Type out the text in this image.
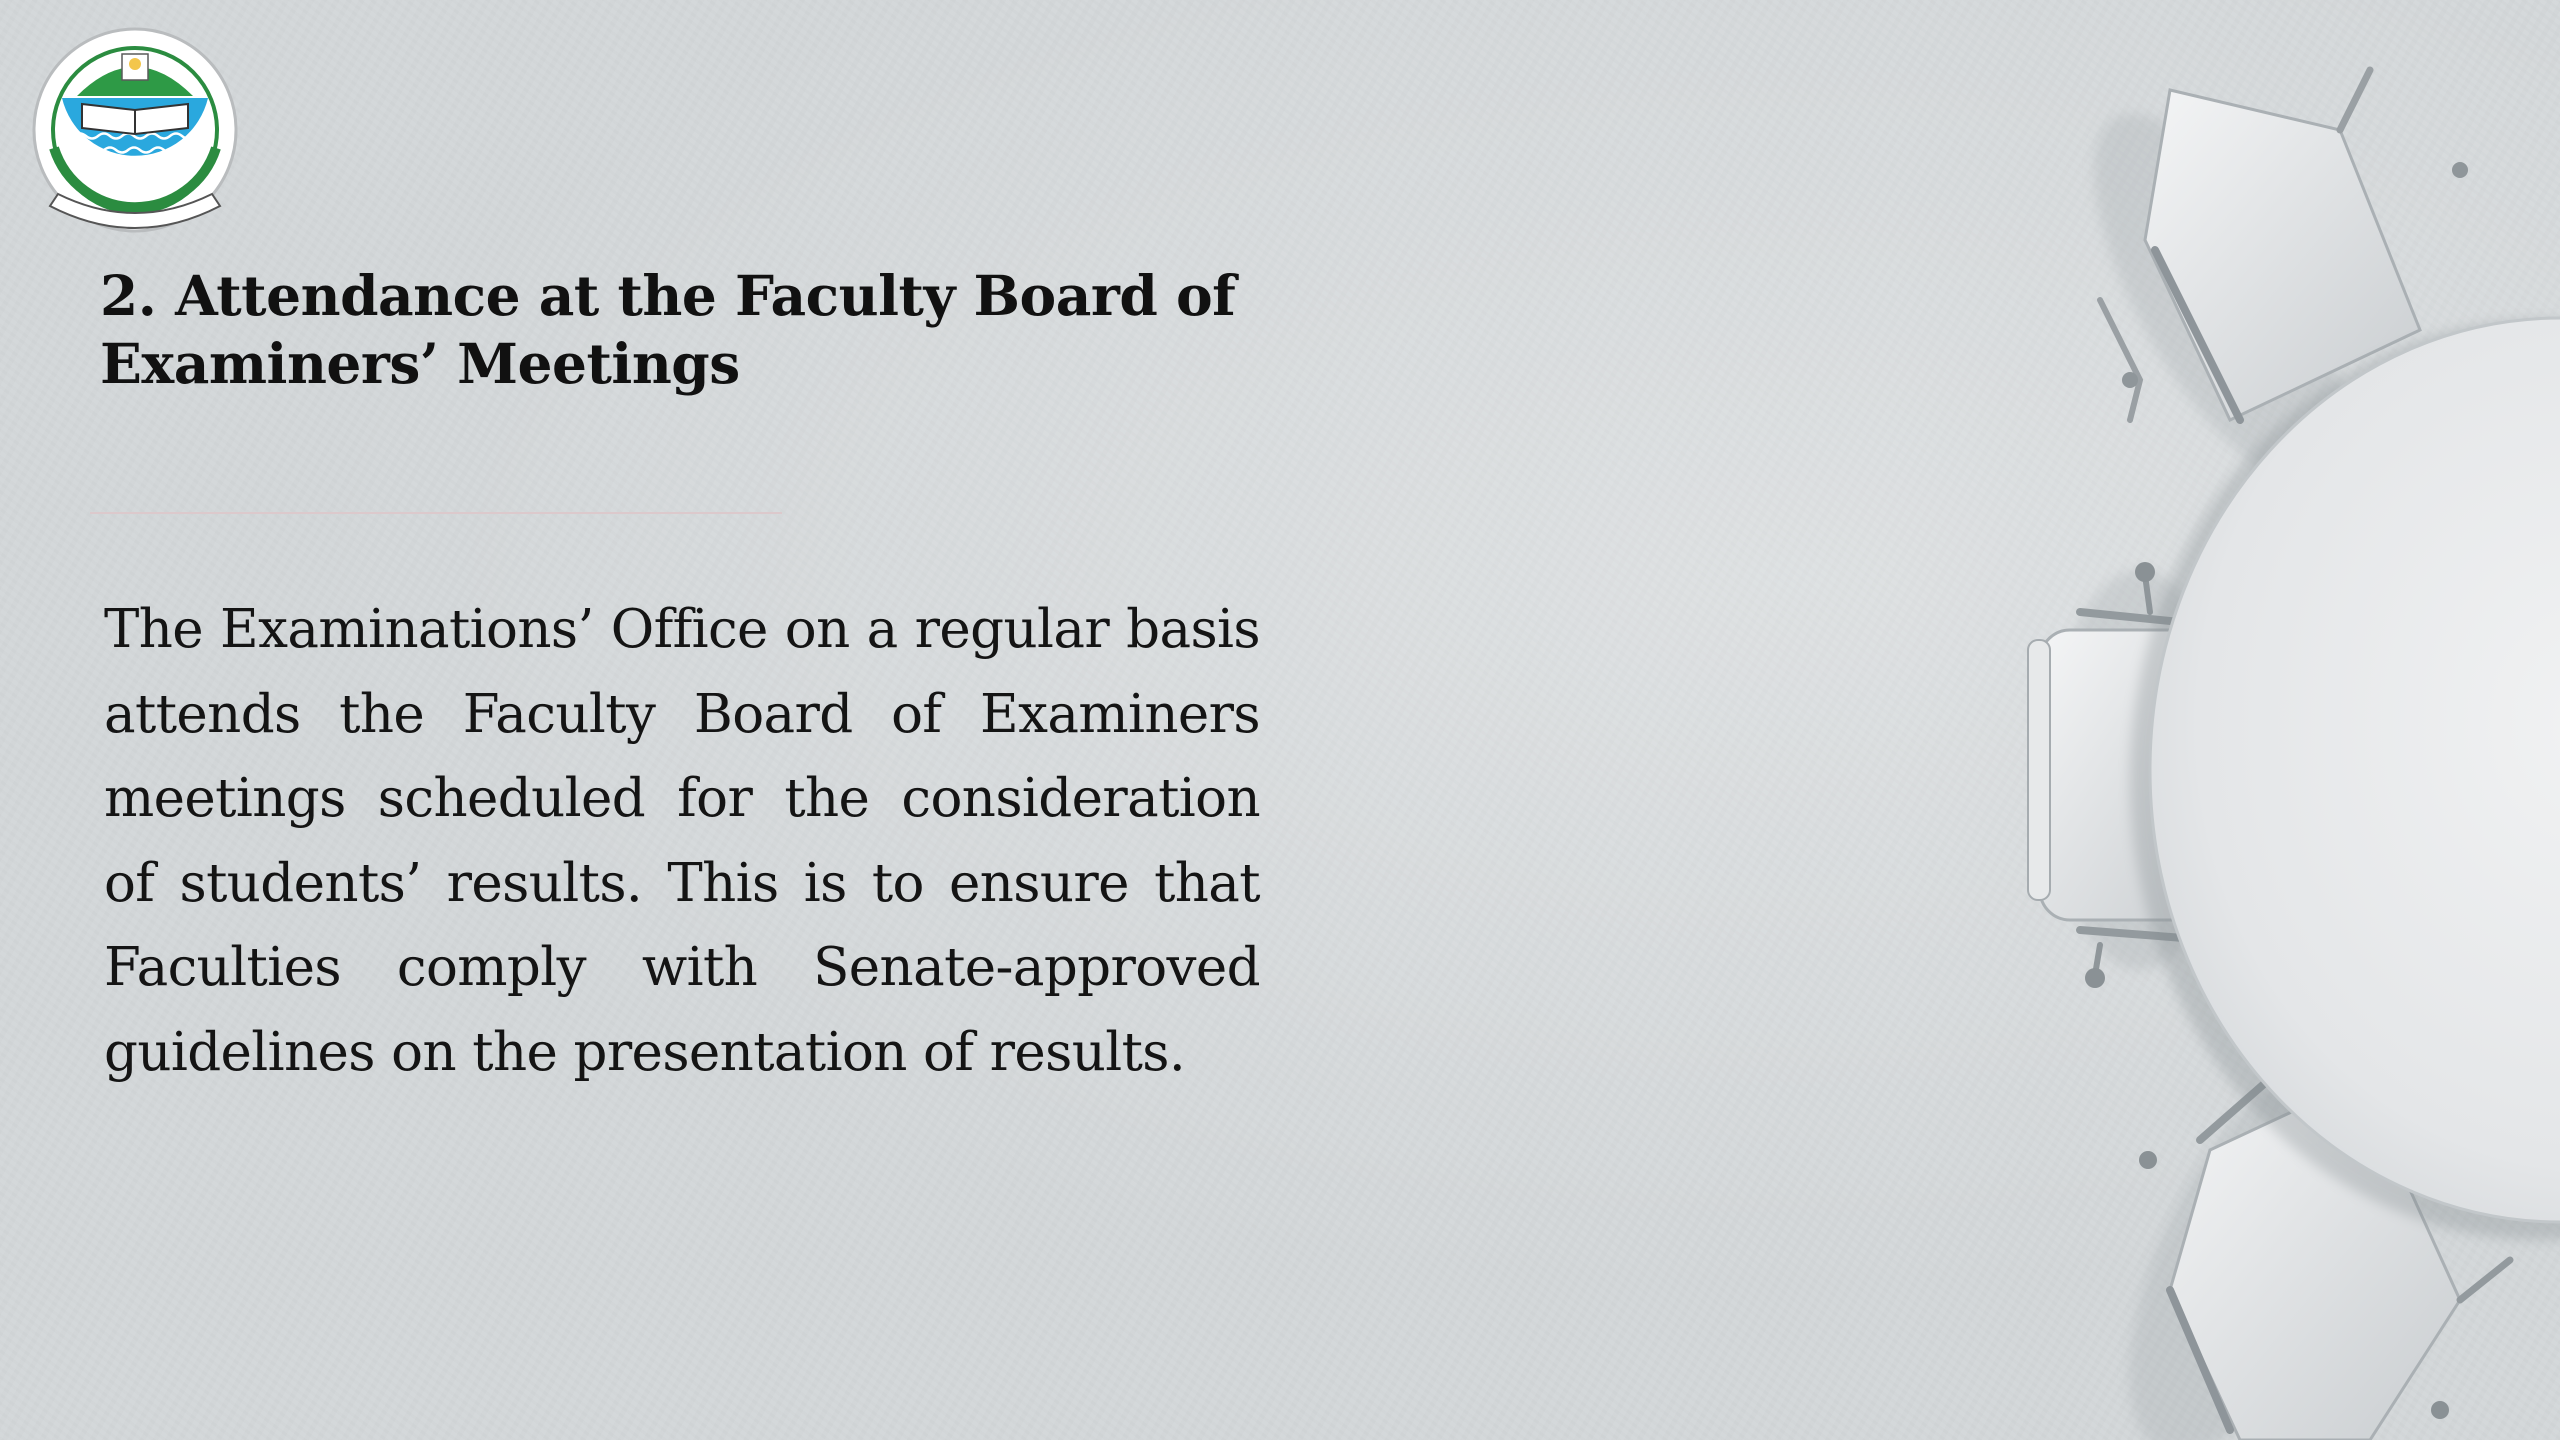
2. Attendance at the Faculty Board of Examiners’ Meetings

The Examinations’ Office on a regular basis attends the Faculty Board of Examiners meetings scheduled for the consideration of students’ results. This is to ensure that Faculties comply with Senate-approved guidelines on the presentation of results.
